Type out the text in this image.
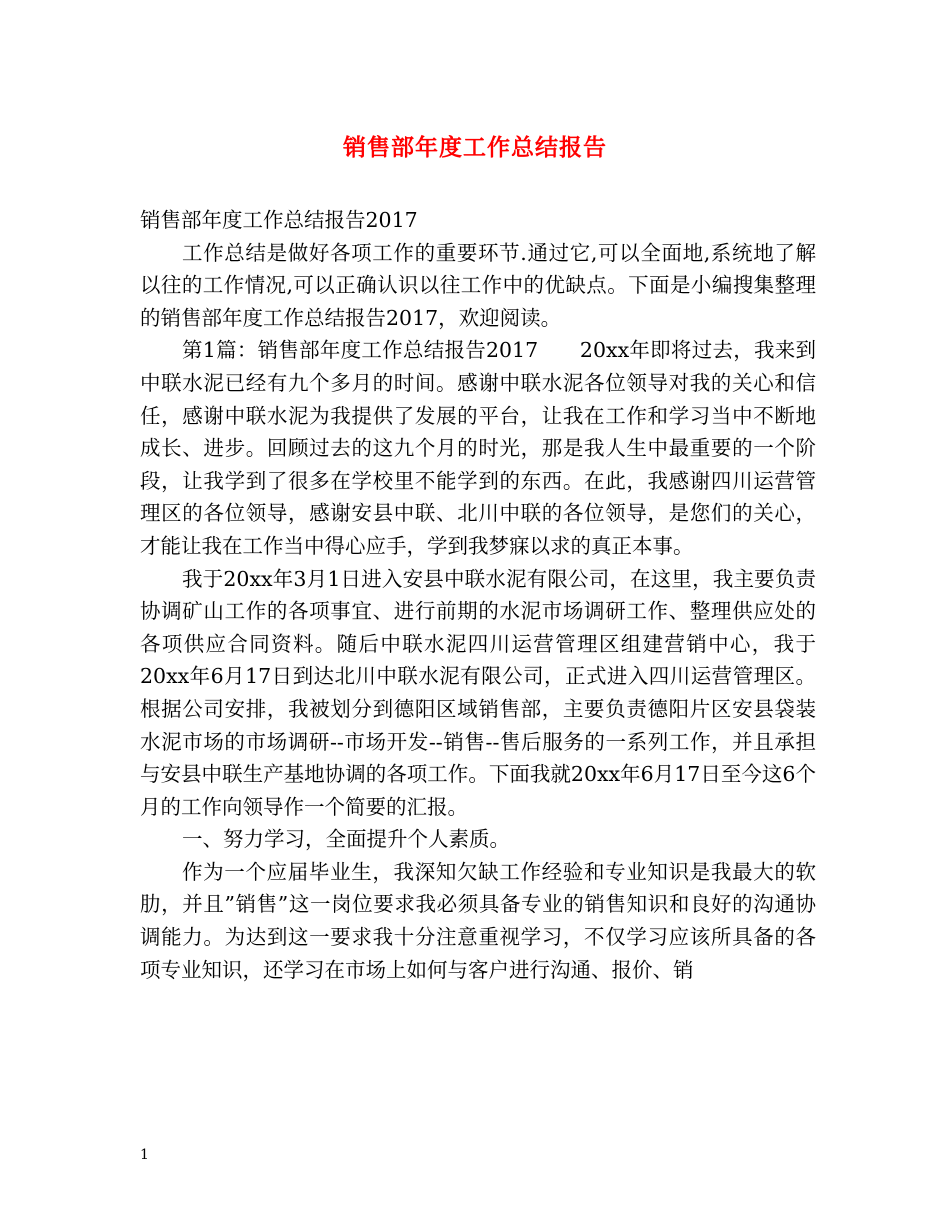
销售部年度工作总结报告

销售部年度工作总结报告2017

工作总结是做好各项工作的重要环节.通过它,可以全面地,系统地了解以往的工作情况,可以正确认识以往工作中的优缺点。下面是小编搜集整理的销售部年度工作总结报告2017，欢迎阅读。

第1篇：销售部年度工作总结报告2017　　20xx年即将过去，我来到中联水泥已经有九个多月的时间。感谢中联水泥各位领导对我的关心和信任，感谢中联水泥为我提供了发展的平台，让我在工作和学习当中不断地成长、进步。回顾过去的这九个月的时光，那是我人生中最重要的一个阶段，让我学到了很多在学校里不能学到的东西。在此，我感谢四川运营管理区的各位领导，感谢安县中联、北川中联的各位领导，是您们的关心，才能让我在工作当中得心应手，学到我梦寐以求的真正本事。

我于20xx年3月1日进入安县中联水泥有限公司，在这里，我主要负责协调矿山工作的各项事宜、进行前期的水泥市场调研工作、整理供应处的各项供应合同资料。随后中联水泥四川运营管理区组建营销中心，我于20xx年6月17日到达北川中联水泥有限公司，正式进入四川运营管理区。根据公司安排，我被划分到德阳区域销售部，主要负责德阳片区安县袋装水泥市场的市场调研--市场开发--销售--售后服务的一系列工作，并且承担与安县中联生产基地协调的各项工作。下面我就20xx年6月17日至今这6个月的工作向领导作一个简要的汇报。

一、努力学习，全面提升个人素质。

作为一个应届毕业生，我深知欠缺工作经验和专业知识是我最大的软肋，并且”销售”这一岗位要求我必须具备专业的销售知识和良好的沟通协调能力。为达到这一要求我十分注意重视学习，不仅学习应该所具备的各项专业知识，还学习在市场上如何与客户进行沟通、报价、销

1
